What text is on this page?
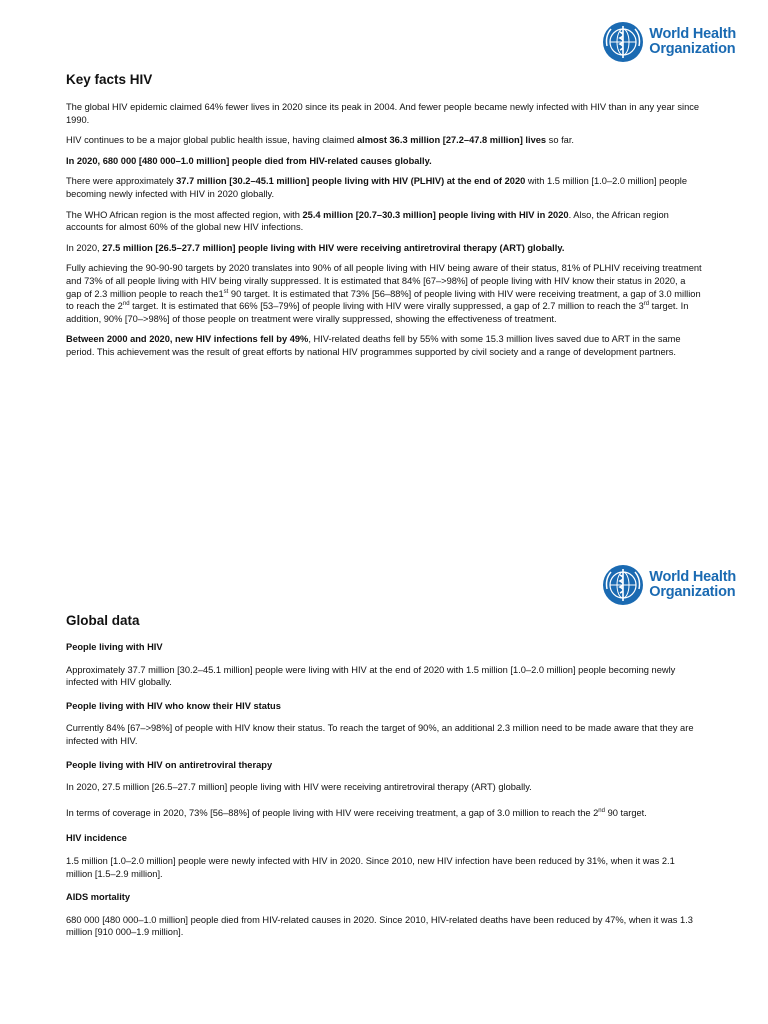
World Health
Organization
Key facts HIV

The global HIV epidemic claimed 64% fewer lives in 2020 since its peak in 2004. And fewer people became newly infected with HIV than in any year since 1990.

HIV continues to be a major global public health issue, having claimed almost 36.3 million [27.2–47.8 million] lives so far.

In 2020, 680 000 [480 000–1.0 million] people died from HIV-related causes globally.

There were approximately 37.7 million [30.2–45.1 million] people living with HIV (PLHIV) at the end of 2020 with 1.5 million [1.0–2.0 million] people becoming newly infected with HIV in 2020 globally.

The WHO African region is the most affected region, with 25.4 million [20.7–30.3 million] people living with HIV in 2020. Also, the African region accounts for almost 60% of the global new HIV infections.

In 2020, 27.5 million [26.5–27.7 million] people living with HIV were receiving antiretroviral therapy (ART) globally.

Fully achieving the 90-90-90 targets by 2020 translates into 90% of all people living with HIV being aware of their status, 81% of PLHIV receiving treatment and 73% of all people living with HIV being virally suppressed. It is estimated that 84% [67–>98%] of people living with HIV know their status in 2020, a gap of 2.3 million people to reach the1st 90 target. It is estimated that 73% [56–88%] of people living with HIV were receiving treatment, a gap of 3.0 million to reach the 2nd target. It is estimated that 66% [53–79%] of people living with HIV were virally suppressed, a gap of 2.7 million to reach the 3rd target. In addition, 90% [70–>98%] of those people on treatment were virally suppressed, showing the effectiveness of treatment.

Between 2000 and 2020, new HIV infections fell by 49%, HIV-related deaths fell by 55% with some 15.3 million lives saved due to ART in the same period. This achievement was the result of great efforts by national HIV programmes supported by civil society and a range of development partners.

World Health
Organization
Global data
People living with HIV

Approximately 37.7 million [30.2–45.1 million] people were living with HIV at the end of 2020 with 1.5 million [1.0–2.0 million] people becoming newly infected with HIV globally.

People living with HIV who know their HIV status

Currently 84% [67–>98%] of people with HIV know their status. To reach the target of 90%, an additional 2.3 million need to be made aware that they are infected with HIV.

People living with HIV on antiretroviral therapy

In 2020, 27.5 million [26.5–27.7 million] people living with HIV were receiving antiretroviral therapy (ART) globally.

In terms of coverage in 2020, 73% [56–88%] of people living with HIV were receiving treatment, a gap of 3.0 million to reach the 2nd 90 target.

HIV incidence

1.5 million [1.0–2.0 million] people were newly infected with HIV in 2020. Since 2010, new HIV infection have been reduced by 31%, when it was 2.1 million [1.5–2.9 million].

AIDS mortality

680 000 [480 000–1.0 million] people died from HIV-related causes in 2020. Since 2010, HIV-related deaths have been reduced by 47%, when it was 1.3 million [910 000–1.9 million].
